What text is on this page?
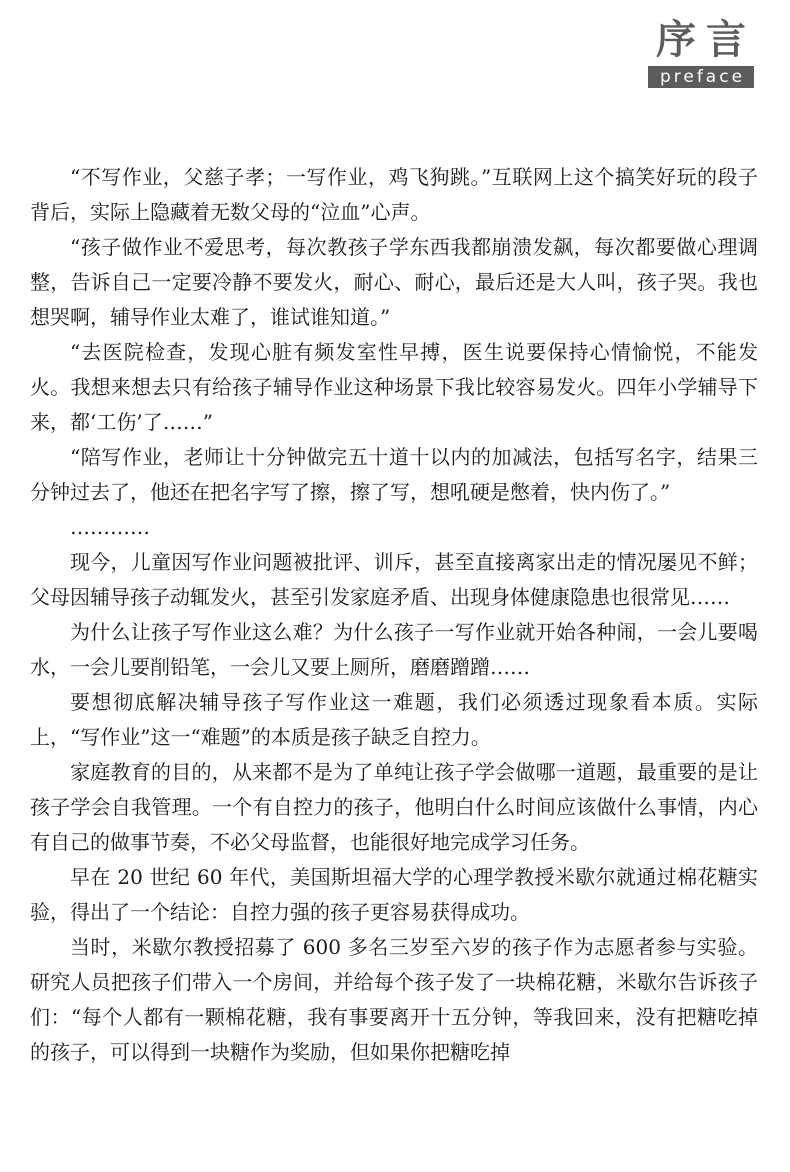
序言
preface

“不写作业，父慈子孝；一写作业，鸡飞狗跳。”互联网上这个搞笑好玩的段子背后，实际上隐藏着无数父母的“泣血”心声。

“孩子做作业不爱思考，每次教孩子学东西我都崩溃发飙，每次都要做心理调整，告诉自己一定要冷静不要发火，耐心、耐心，最后还是大人叫，孩子哭。我也想哭啊，辅导作业太难了，谁试谁知道。”

“去医院检查，发现心脏有频发室性早搏，医生说要保持心情愉悦，不能发火。我想来想去只有给孩子辅导作业这种场景下我比较容易发火。四年小学辅导下来，都‘工伤’了……”

“陪写作业，老师让十分钟做完五十道十以内的加减法，包括写名字，结果三分钟过去了，他还在把名字写了擦，擦了写，想吼硬是憋着，快内伤了。”

…………

现今，儿童因写作业问题被批评、训斥，甚至直接离家出走的情况屡见不鲜；父母因辅导孩子动辄发火，甚至引发家庭矛盾、出现身体健康隐患也很常见……

为什么让孩子写作业这么难？为什么孩子一写作业就开始各种闹，一会儿要喝水，一会儿要削铅笔，一会儿又要上厕所，磨磨蹭蹭……

要想彻底解决辅导孩子写作业这一难题，我们必须透过现象看本质。实际上，“写作业”这一“难题”的本质是孩子缺乏自控力。

家庭教育的目的，从来都不是为了单纯让孩子学会做哪一道题，最重要的是让孩子学会自我管理。一个有自控力的孩子，他明白什么时间应该做什么事情，内心有自己的做事节奏，不必父母监督，也能很好地完成学习任务。

早在 20 世纪 60 年代，美国斯坦福大学的心理学教授米歇尔就通过棉花糖实验，得出了一个结论：自控力强的孩子更容易获得成功。

当时，米歇尔教授招募了 600 多名三岁至六岁的孩子作为志愿者参与实验。研究人员把孩子们带入一个房间，并给每个孩子发了一块棉花糖，米歇尔告诉孩子们：“每个人都有一颗棉花糖，我有事要离开十五分钟，等我回来，没有把糖吃掉的孩子，可以得到一块糖作为奖励，但如果你把糖吃掉
